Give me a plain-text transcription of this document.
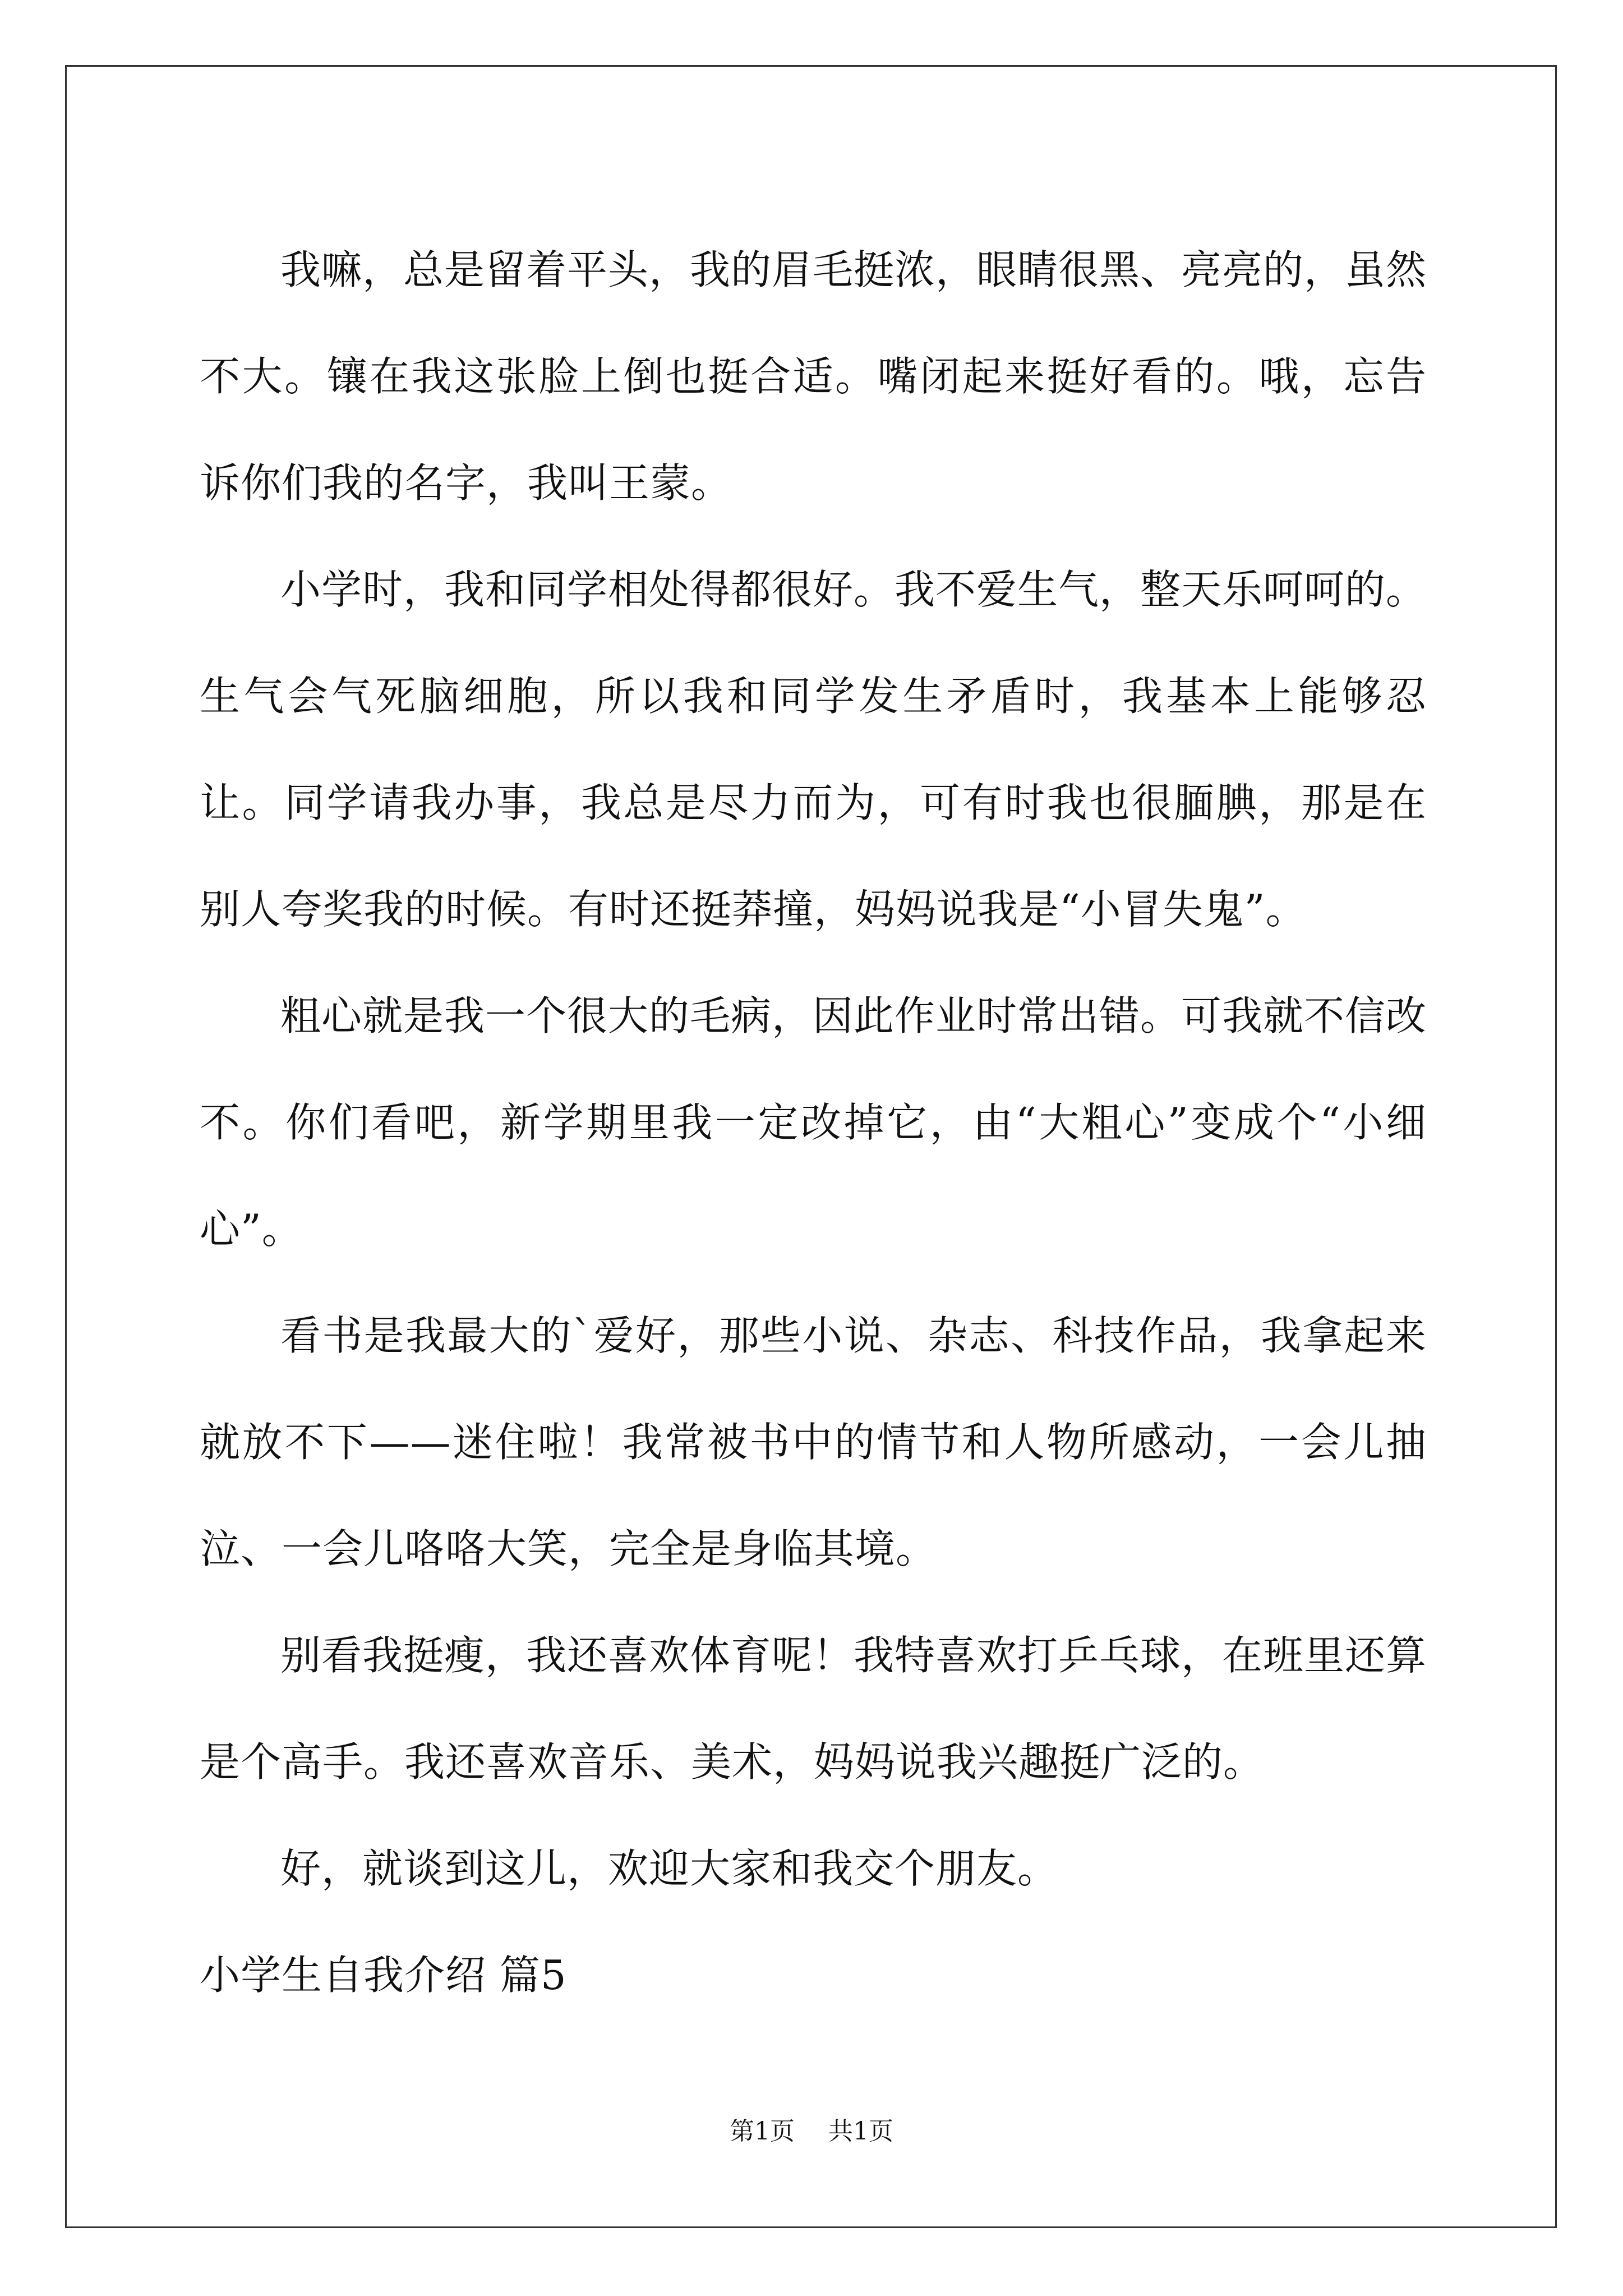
我嘛，总是留着平头，我的眉毛挺浓，眼睛很黑、亮亮的，虽然不大。镶在我这张脸上倒也挺合适。嘴闭起来挺好看的。哦，忘告诉你们我的名字，我叫王蒙。

小学时，我和同学相处得都很好。我不爱生气，整天乐呵呵的。生气会气死脑细胞，所以我和同学发生矛盾时，我基本上能够忍让。同学请我办事，我总是尽力而为，可有时我也很腼腆，那是在别人夸奖我的时候。有时还挺莽撞，妈妈说我是“小冒失鬼”。

粗心就是我一个很大的毛病，因此作业时常出错。可我就不信改不。你们看吧，新学期里我一定改掉它，由“大粗心”变成个“小细心”。

看书是我最大的`爱好，那些小说、杂志、科技作品，我拿起来就放不下——迷住啦！我常被书中的情节和人物所感动，一会儿抽泣、一会儿咯咯大笑，完全是身临其境。

别看我挺瘦，我还喜欢体育呢！我特喜欢打乒乓球，在班里还算是个高手。我还喜欢音乐、美术，妈妈说我兴趣挺广泛的。

好，就谈到这儿，欢迎大家和我交个朋友。

小学生自我介绍 篇5

第1页 共1页
